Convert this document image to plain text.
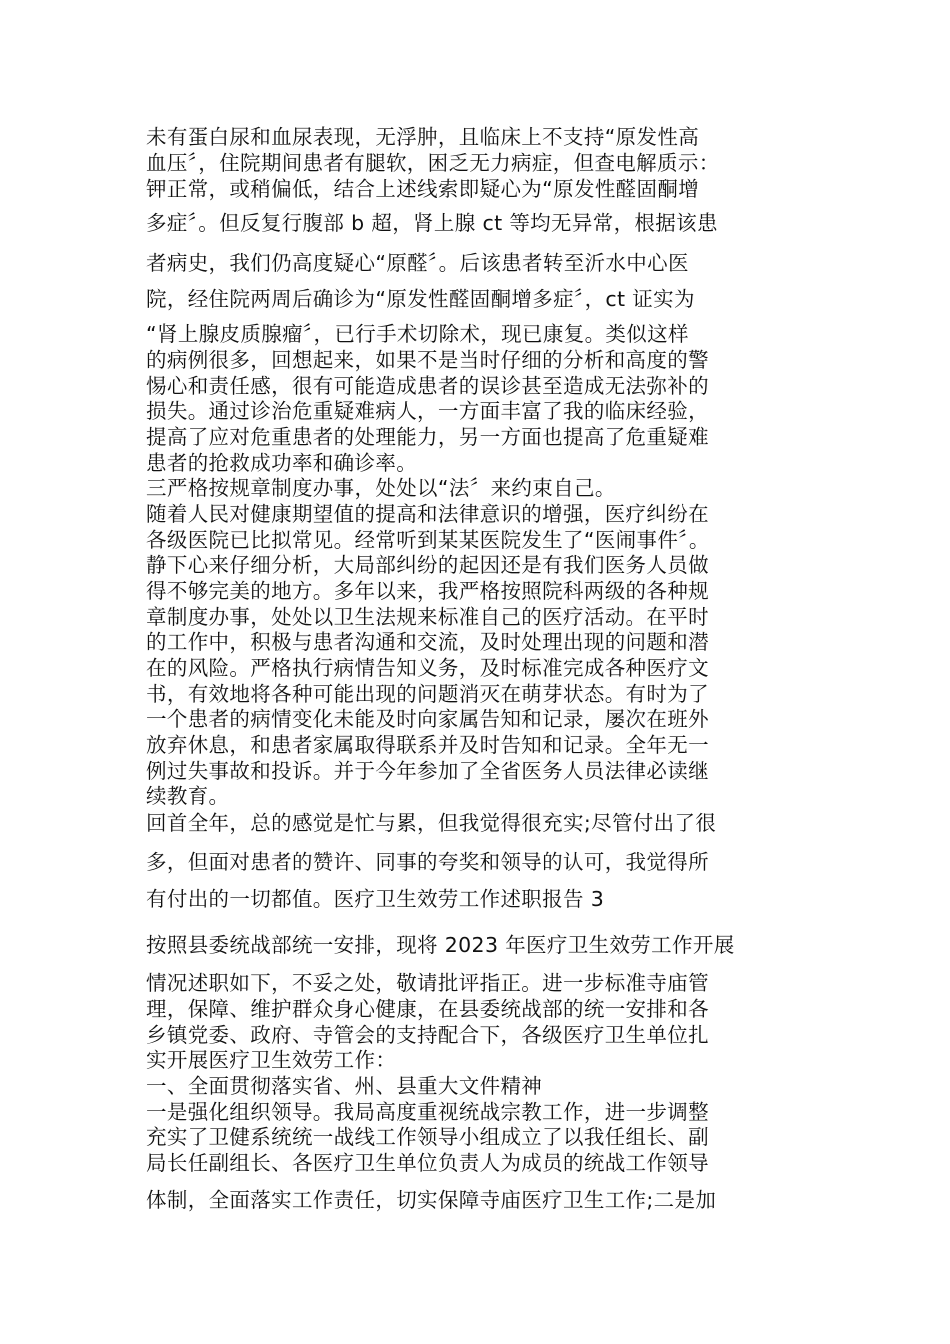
未有蛋白尿和血尿表现，无浮肿，且临床上不支持“原发性高
血压〞，住院期间患者有腿软，困乏无力病症，但查电解质示：
钾正常，或稍偏低，结合上述线索即疑心为“原发性醛固酮增
多症〞。但反复行腹部 b 超，肾上腺 ct 等均无异常，根据该患
者病史，我们仍高度疑心“原醛〞。后该患者转至沂水中心医
院，经住院两周后确诊为“原发性醛固酮增多症〞，ct 证实为
“肾上腺皮质腺瘤〞，已行手术切除术，现已康复。类似这样
的病例很多，回想起来，如果不是当时仔细的分析和高度的警
惕心和责任感，很有可能造成患者的误诊甚至造成无法弥补的
损失。通过诊治危重疑难病人，一方面丰富了我的临床经验，
提高了应对危重患者的处理能力，另一方面也提高了危重疑难
患者的抢救成功率和确诊率。
三严格按规章制度办事，处处以“法〞来约束自己。
随着人民对健康期望值的提高和法律意识的增强，医疗纠纷在
各级医院已比拟常见。经常听到某某医院发生了“医闹事件〞。
静下心来仔细分析，大局部纠纷的起因还是有我们医务人员做
得不够完美的地方。多年以来，我严格按照院科两级的各种规
章制度办事，处处以卫生法规来标准自己的医疗活动。在平时
的工作中，积极与患者沟通和交流，及时处理出现的问题和潜
在的风险。严格执行病情告知义务，及时标准完成各种医疗文
书，有效地将各种可能出现的问题消灭在萌芽状态。有时为了
一个患者的病情变化未能及时向家属告知和记录，屡次在班外
放弃休息，和患者家属取得联系并及时告知和记录。全年无一
例过失事故和投诉。并于今年参加了全省医务人员法律必读继
续教育。
回首全年，总的感觉是忙与累，但我觉得很充实;尽管付出了很
多，但面对患者的赞许、同事的夸奖和领导的认可，我觉得所
有付出的一切都值。医疗卫生效劳工作述职报告 3
按照县委统战部统一安排，现将 2023 年医疗卫生效劳工作开展
情况述职如下，不妥之处，敬请批评指正。进一步标准寺庙管
理，保障、维护群众身心健康，在县委统战部的统一安排和各
乡镇党委、政府、寺管会的支持配合下，各级医疗卫生单位扎
实开展医疗卫生效劳工作：
一、全面贯彻落实省、州、县重大文件精神
一是强化组织领导。我局高度重视统战宗教工作，进一步调整
充实了卫健系统统一战线工作领导小组成立了以我任组长、副
局长任副组长、各医疗卫生单位负责人为成员的统战工作领导
体制，全面落实工作责任，切实保障寺庙医疗卫生工作;二是加
